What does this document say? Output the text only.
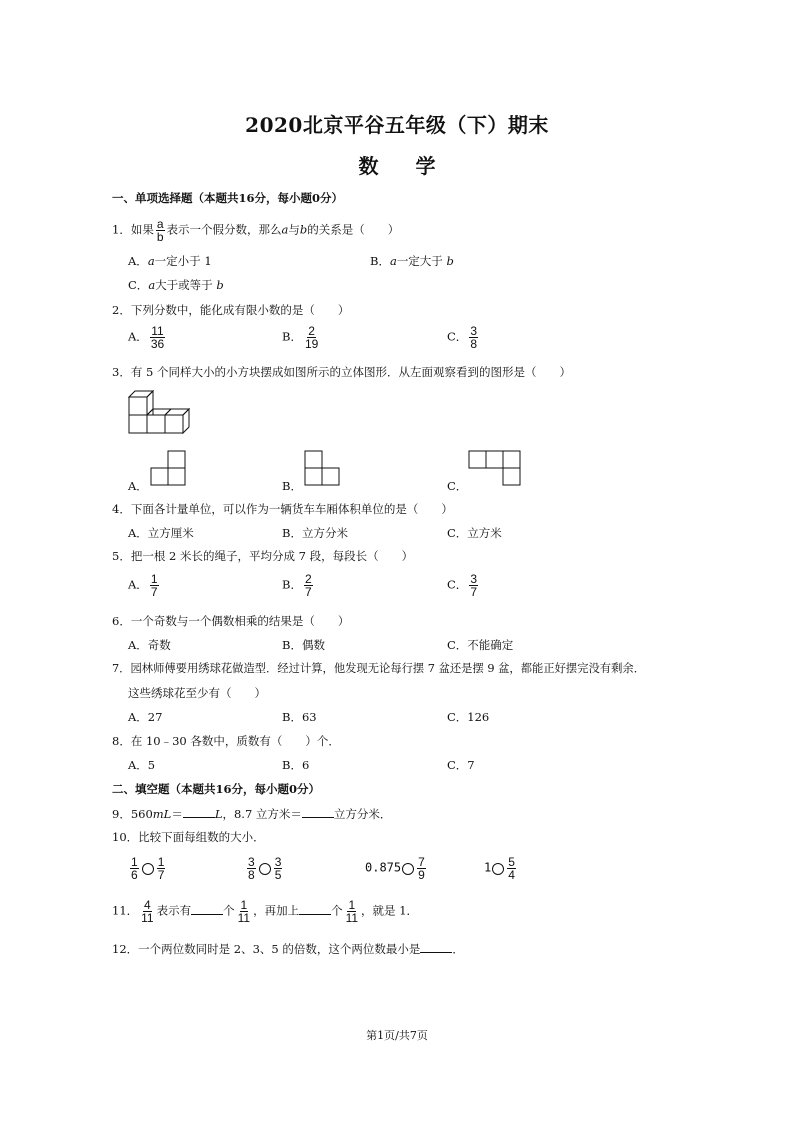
2020北京平谷五年级（下）期末
数 学
一、单项选择题（本题共16分，每小题0分）
1．如果 $\frac{a}{b}$ 表示一个假分数，那么a与b的关系是（　　）
A．a一定小于 1	B．a一定大于 b
C．a大于或等于 b
2．下列分数中，能化成有限小数的是（　　）
A． $\frac{11}{36}$	B． $\frac{2}{19}$	C． $\frac{3}{8}$
3．有 5 个同样大小的小方块摆成如图所示的立体图形．从左面观察看到的图形是（　　）
A．	B．	C．
4．下面各计量单位，可以作为一辆货车车厢体积单位的是（　　）
A．立方厘米	B．立方分米	C．立方米
5．把一根 2 米长的绳子，平均分成 7 段，每段长（　　）
A． $\frac{1}{7}$	B． $\frac{2}{7}$	C． $\frac{3}{7}$
6．一个奇数与一个偶数相乘的结果是（　　）
A．奇数	B．偶数	C．不能确定
7．园林师傅要用绣球花做造型．经过计算，他发现无论每行摆 7 盆还是摆 9 盆，都能正好摆完没有剩余．
这些绣球花至少有（　　）
A．27	B．63	C．126
8．在 10﹣30 各数中，质数有（　　）个．
A．5	B．6	C．7
二、填空题（本题共16分，每小题0分）
9．560mL＝	L，8.7 立方米＝	立方分米．
10．比较下面每组数的大小．
$\frac{1}{6} \frac{1}{7}$	$\frac{3}{8} \frac{3}{5}$	$0.875 \frac{7}{9}$	$1 \frac{5}{4}$
11． $\frac{4}{11}$ 表示有	个 $\frac{1}{11}$ ，再加上	个 $\frac{1}{11}$ ，就是 1．
12．一个两位数同时是 2、3、5 的倍数，这个两位数最小是	．
第1页/共7页
